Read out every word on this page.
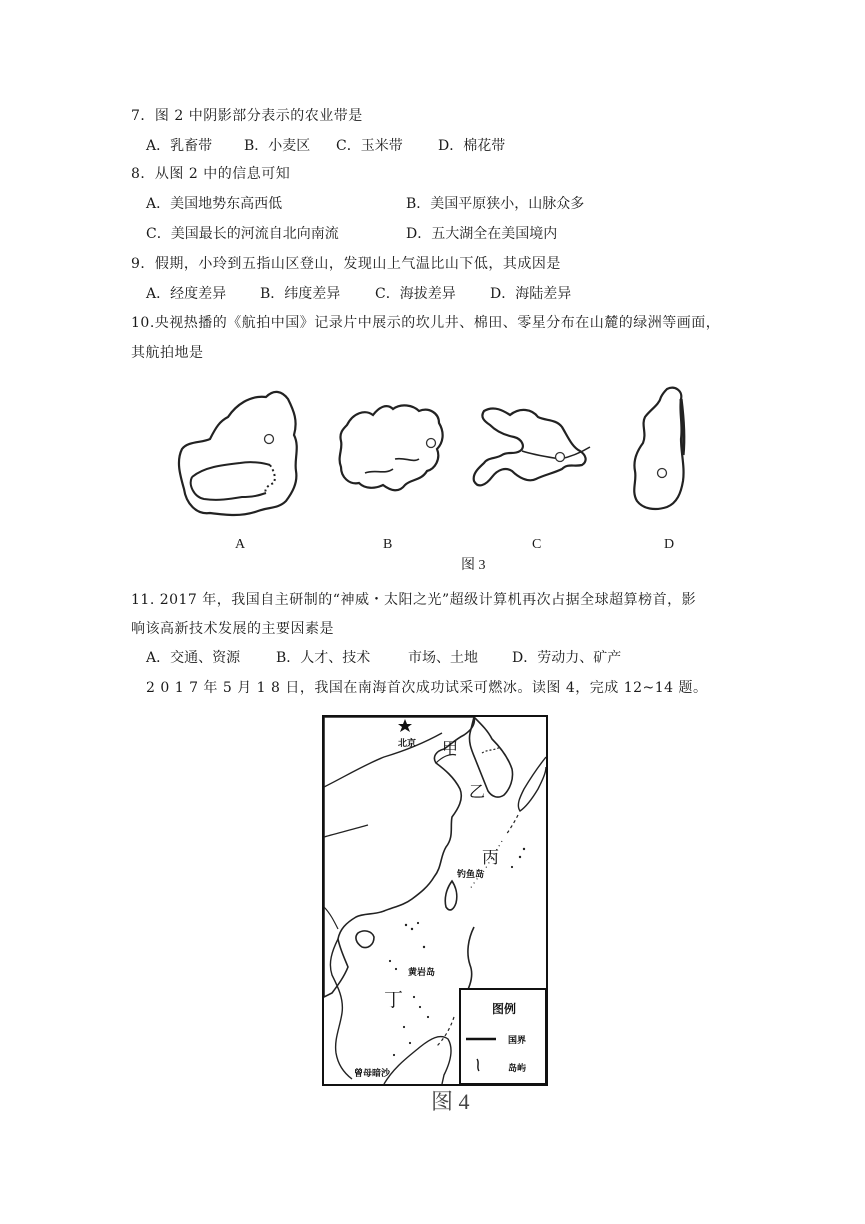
7．图 2 中阴影部分表示的农业带是
A．乳畜带 B．小麦区 C．玉米带	D．棉花带
8．从图 2 中的信息可知
A．美国地势东高西低	B．美国平原狭小，山脉众多
C．美国最长的河流自北向南流	D．五大湖全在美国境内
9．假期，小玲到五指山区登山，发现山上气温比山下低，其成因是
A．经度差异 B．纬度差异 C．海拔差异 D．海陆差异
10.央视热播的《航拍中国》记录片中展示的坎儿井、棉田、零星分布在山麓的绿洲等画面，
其航拍地是
A	B	C	D
图 3
11. 2017 年，我国自主研制的“神威・太阳之光”超级计算机再次占据全球超算榜首，影
响该高新技术发展的主要因素是
A．交通、资源	B．人才、技术	市场、土地 D．劳动力、矿产
2 0 1 7 年 5 月 1 8 日，我国在南海首次成功试采可燃冰。读图 4，完成 12~14 题。
北京 甲
乙
丙
钓鱼岛
黄岩岛
丁
曾母暗沙
图例
国界
岛屿
图 4
